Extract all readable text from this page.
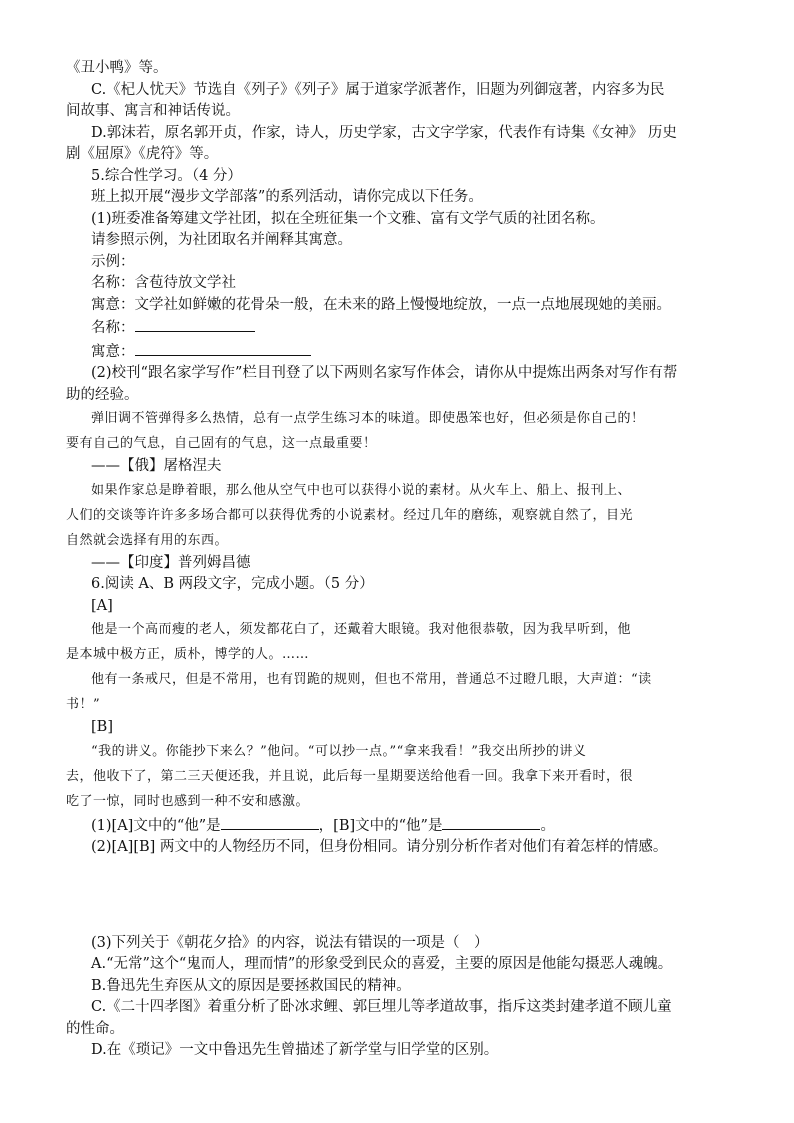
《丑小鸭》等。

C.《杞人忧天》节选自《列子》《列子》属于道家学派著作，旧题为列御寇著，内容多为民

间故事、寓言和神话传说。

D.郭沫若，原名郭开贞，作家，诗人，历史学家，古文字学家，代表作有诗集《女神》 历史

剧《屈原》《虎符》等。

5.综合性学习。（4 分）

班上拟开展“漫步文学部落”的系列活动，请你完成以下任务。

(1)班委准备筹建文学社团，拟在全班征集一个文雅、富有文学气质的社团名称。

请参照示例，为社团取名并阐释其寓意。

示例：

名称：含苞待放文学社

寓意：文学社如鲜嫩的花骨朵一般，在未来的路上慢慢地绽放，一点一点地展现她的美丽。

名称：

寓意：

(2)校刊“跟名家学写作”栏目刊登了以下两则名家写作体会，请你从中提炼出两条对写作有帮

助的经验。

弹旧调不管弹得多么热情，总有一点学生练习本的味道。即使愚笨也好，但必须是你自己的！

要有自己的气息，自己固有的气息，这一点最重要！

——【俄】屠格涅夫

如果作家总是睁着眼，那么他从空气中也可以获得小说的素材。从火车上、船上、报刊上、

人们的交谈等许许多多场合都可以获得优秀的小说素材。经过几年的磨练，观察就自然了，目光

自然就会选择有用的东西。

——【印度】普列姆昌德

6.阅读 A、B 两段文字，完成小题。（5 分）

[A]

他是一个高而瘦的老人，须发都花白了，还戴着大眼镜。我对他很恭敬，因为我早听到，他

是本城中极方正，质朴，博学的人。……

他有一条戒尺，但是不常用，也有罚跪的规则，但也不常用，普通总不过瞪几眼，大声道：“读

书！”

[B]

“我的讲义。你能抄下来么？”他问。“可以抄一点。”“拿来我看！”我交出所抄的讲义

去，他收下了，第二三天便还我，并且说，此后每一星期要送给他看一回。我拿下来开看时，很

吃了一惊，同时也感到一种不安和感激。

(1)[A]文中的“他”是	，[B]文中的“他”是	。

(2)[A][B] 两文中的人物经历不同，但身份相同。请分别分析作者对他们有着怎样的情感。

(3)下列关于《朝花夕拾》的内容，说法有错误的一项是（　）

A.“无常”这个“鬼而人，理而情”的形象受到民众的喜爱，主要的原因是他能勾摄恶人魂魄。

B.鲁迅先生弃医从文的原因是要拯救国民的精神。

C.《二十四孝图》着重分析了卧冰求鲤、郭巨埋儿等孝道故事，指斥这类封建孝道不顾儿童

的性命。

D.在《琐记》一文中鲁迅先生曾描述了新学堂与旧学堂的区别。
